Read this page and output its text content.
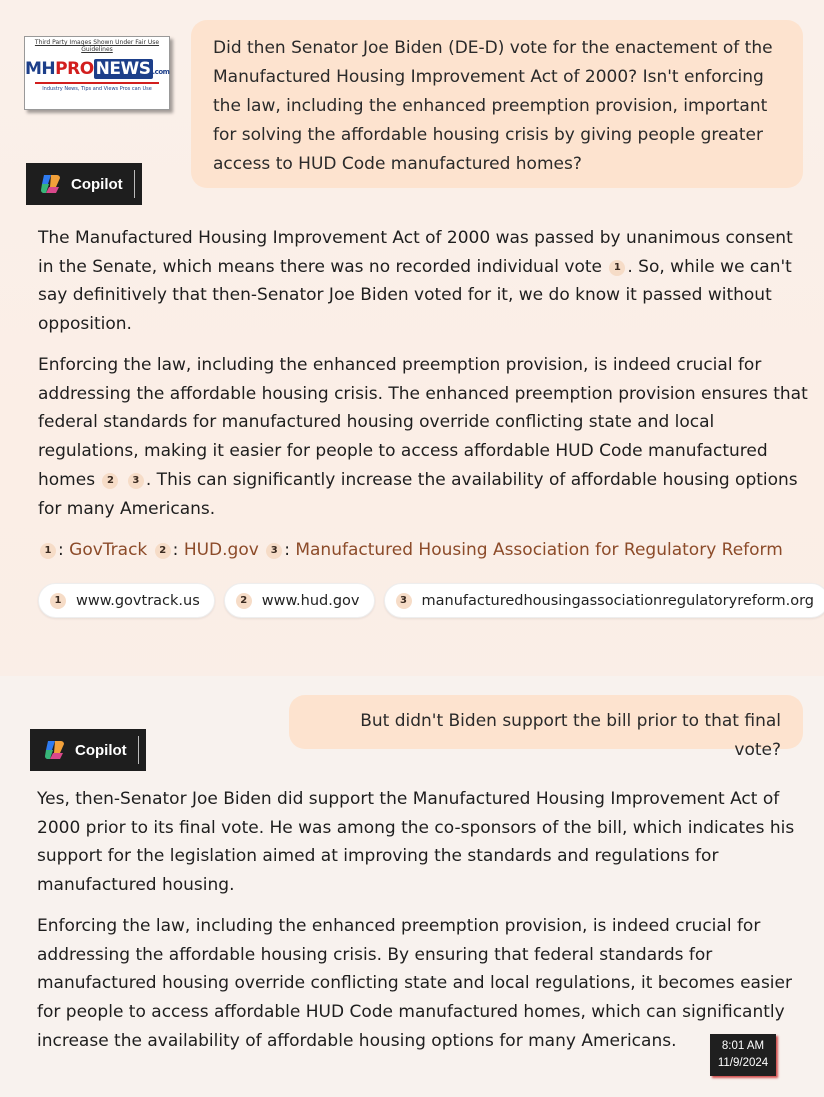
Third Party Images Shown Under Fair Use Guidelines
MHPRO NEWS .com
Industry News, Tips and Views Pros can Use
Did then Senator Joe Biden (DE-D) vote for the enactement of the Manufactured Housing Improvement Act of 2000? Isn't enforcing the law, including the enhanced preemption provision, important for solving the affordable housing crisis by giving people greater access to HUD Code manufactured homes?
Copilot
The Manufactured Housing Improvement Act of 2000 was passed by unanimous consent in the Senate, which means there was no recorded individual vote 1 . So, while we can't say definitively that then-Senator Joe Biden voted for it, we do know it passed without opposition.
Enforcing the law, including the enhanced preemption provision, is indeed crucial for addressing the affordable housing crisis. The enhanced preemption provision ensures that federal standards for manufactured housing override conflicting state and local regulations, making it easier for people to access affordable HUD Code manufactured homes 2 3 . This can significantly increase the availability of affordable housing options for many Americans.
1 : GovTrack 2 : HUD.gov 3 : Manufactured Housing Association for Regulatory Reform
1	www.govtrack.us	2	www.hud.gov	3	manufacturedhousingassociationregulatoryreform.org
But didn't Biden support the bill prior to that final vote?
Copilot
Yes, then-Senator Joe Biden did support the Manufactured Housing Improvement Act of 2000 prior to its final vote. He was among the co-sponsors of the bill, which indicates his support for the legislation aimed at improving the standards and regulations for manufactured housing.
Enforcing the law, including the enhanced preemption provision, is indeed crucial for addressing the affordable housing crisis. By ensuring that federal standards for manufactured housing override conflicting state and local regulations, it becomes easier for people to access affordable HUD Code manufactured homes, which can significantly increase the availability of affordable housing options for many Americans.	8:01 AM
11/9/2024
